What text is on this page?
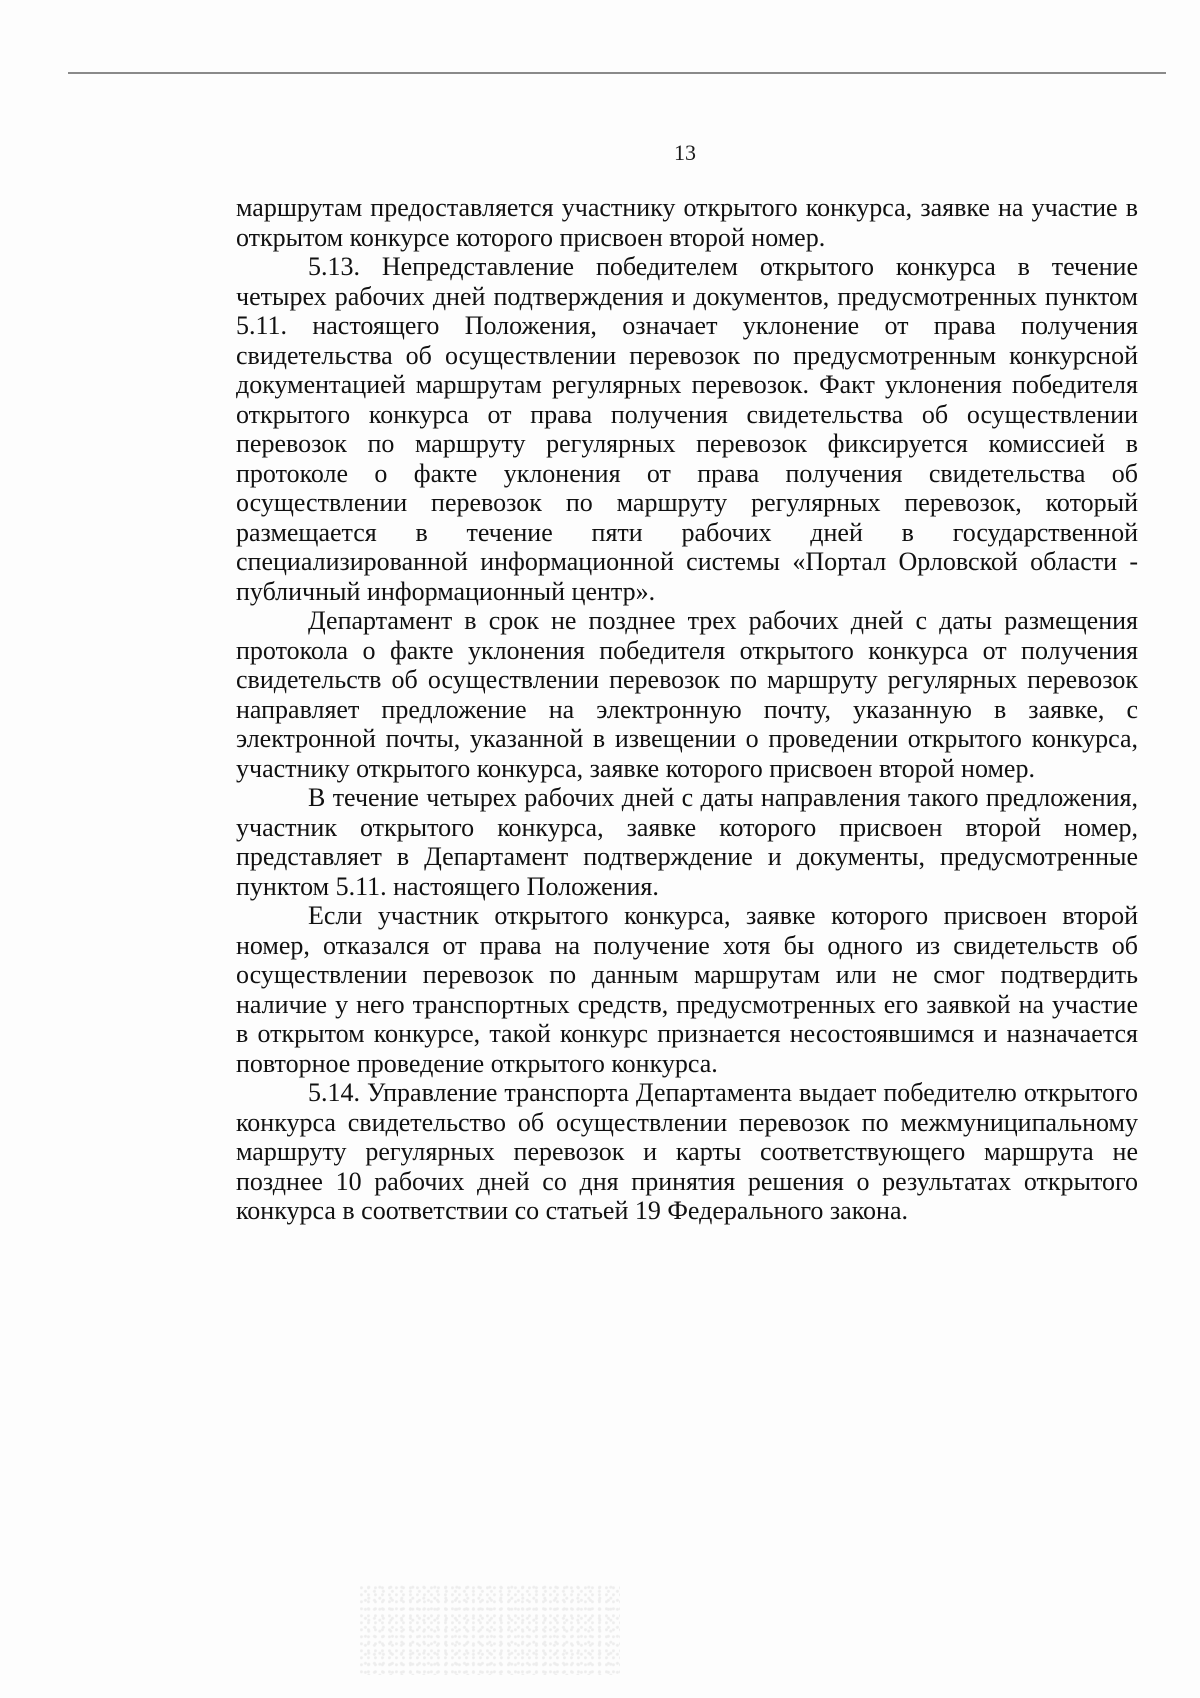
13

маршрутам предоставляется участнику открытого конкурса, заявке на участие в открытом конкурсе которого присвоен второй номер.

5.13. Непредставление победителем открытого конкурса в течение четырех рабочих дней подтверждения и документов, предусмотренных пунктом 5.11. настоящего Положения, означает уклонение от права получения свидетельства об осуществлении перевозок по предусмотренным конкурсной документацией маршрутам регулярных перевозок. Факт уклонения победителя открытого конкурса от права получения свидетельства об осуществлении перевозок по маршруту регулярных перевозок фиксируется комиссией в протоколе о факте уклонения от права получения свидетельства об осуществлении перевозок по маршруту регулярных перевозок, который размещается в течение пяти рабочих дней в государственной специализированной информационной системы «Портал Орловской области - публичный информационный центр».

Департамент в срок не позднее трех рабочих дней с даты размещения протокола о факте уклонения победителя открытого конкурса от получения свидетельств об осуществлении перевозок по маршруту регулярных перевозок направляет предложение на электронную почту, указанную в заявке, с электронной почты, указанной в извещении о проведении открытого конкурса, участнику открытого конкурса, заявке которого присвоен второй номер.

В течение четырех рабочих дней с даты направления такого предложения, участник открытого конкурса, заявке которого присвоен второй номер, представляет в Департамент подтверждение и документы, предусмотренные пунктом 5.11. настоящего Положения.

Если участник открытого конкурса, заявке которого присвоен второй номер, отказался от права на получение хотя бы одного из свидетельств об осуществлении перевозок по данным маршрутам или не смог подтвердить наличие у него транспортных средств, предусмотренных его заявкой на участие в открытом конкурсе, такой конкурс признается несостоявшимся и назначается повторное проведение открытого конкурса.

5.14. Управление транспорта Департамента выдает победителю открытого конкурса свидетельство об осуществлении перевозок по межмуниципальному маршруту регулярных перевозок и карты соответствующего маршрута не позднее 10 рабочих дней со дня принятия решения о результатах открытого конкурса в соответствии со статьей 19 Федерального закона.
